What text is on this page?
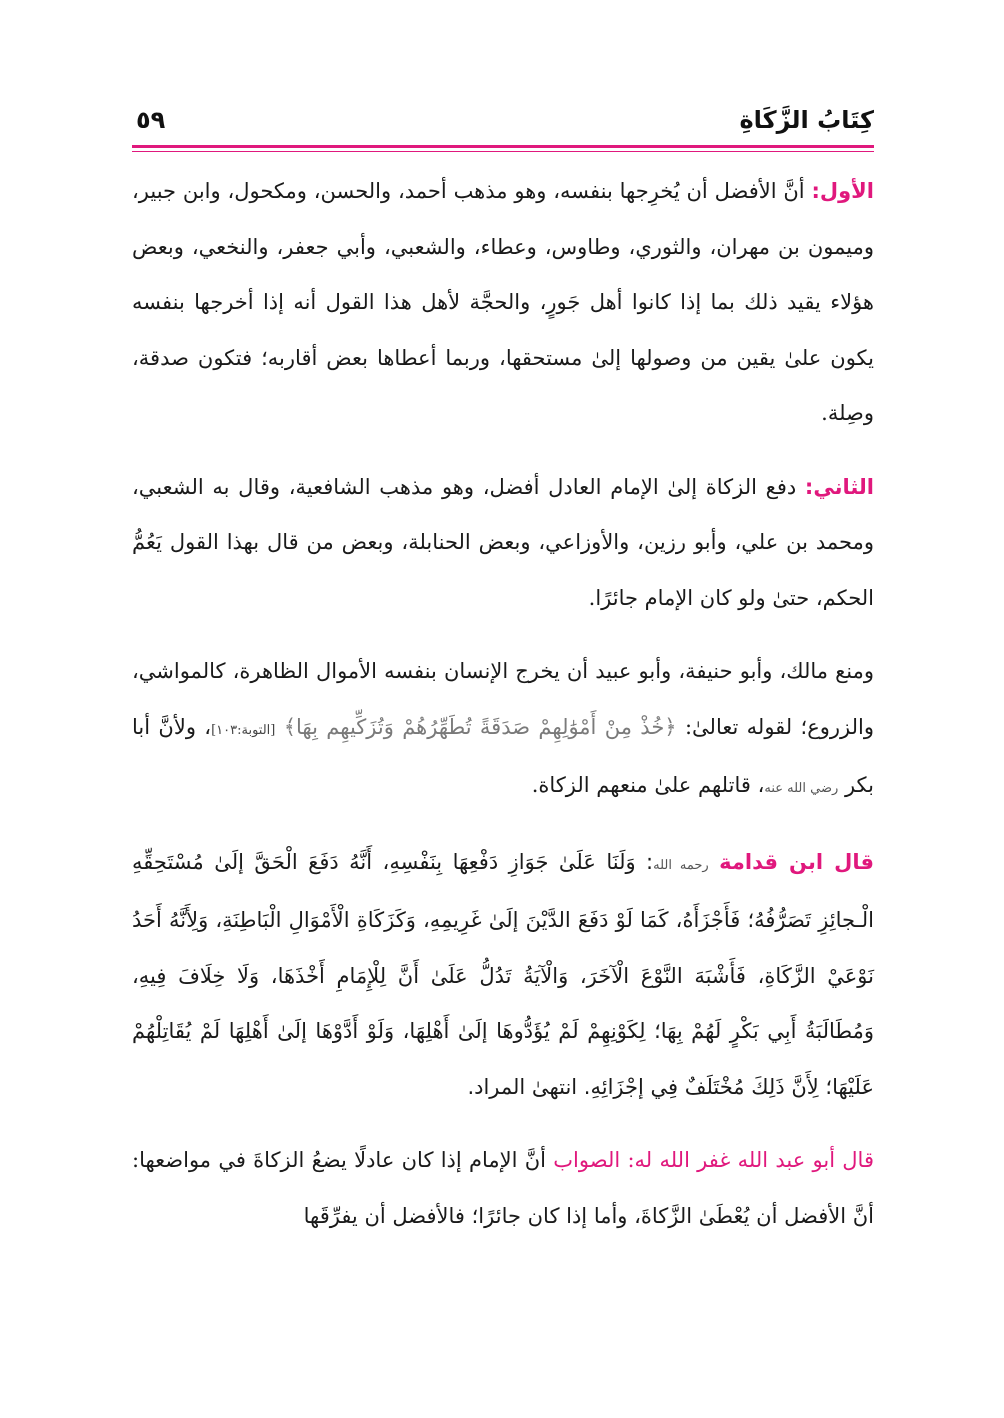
كِتَابُ الزَّكَاةِ
٥٩

الأول: أنَّ الأفضل أن يُخرِجها بنفسه، وهو مذهب أحمد، والحسن، ومكحول، وابن جبير، وميمون بن مهران، والثوري، وطاوس، وعطاء، والشعبي، وأبي جعفر، والنخعي، وبعض هؤلاء يقيد ذلك بما إذا كانوا أهل جَورٍ، والحجَّة لأهل هذا القول أنه إذا أخرجها بنفسه يكون علىٰ يقين من وصولها إلىٰ مستحقها، وربما أعطاها بعض أقاربه؛ فتكون صدقة، وصِلة.

الثاني: دفع الزكاة إلىٰ الإمام العادل أفضل، وهو مذهب الشافعية، وقال به الشعبي، ومحمد بن علي، وأبو رزين، والأوزاعي، وبعض الحنابلة، وبعض من قال بهذا القول يَعُمُّ الحكم، حتىٰ ولو كان الإمام جائرًا.

ومنع مالك، وأبو حنيفة، وأبو عبيد أن يخرج الإنسان بنفسه الأموال الظاهرة، كالمواشي، والزروع؛ لقوله تعالىٰ: ﴿خُذْ مِنْ أَمْوَٰلِهِمْ صَدَقَةً تُطَهِّرُهُمْ وَتُزَكِّيهِم بِهَا﴾ [التوبة:١٠٣]، ولأنَّ أبا بكر رضي الله عنه، قاتلهم علىٰ منعهم الزكاة.

قال ابن قدامة رحمه الله: وَلَنَا عَلَىٰ جَوَازِ دَفْعِهَا بِنَفْسِهِ، أَنَّهُ دَفَعَ الْحَقَّ إلَىٰ مُسْتَحِقِّهِ الْـجائِزِ تَصَرُّفُهُ؛ فَأَجْزَأَهُ، كَمَا لَوْ دَفَعَ الدَّيْنَ إلَىٰ غَرِيمِهِ، وَكَزَكَاةِ الْأَمْوَالِ الْبَاطِنَةِ، وَلِأَنَّهُ أَحَدُ نَوْعَيْ الزَّكَاةِ، فَأَشْبَهَ النَّوْعَ الْآخَرَ، وَالْآيَةُ تَدُلُّ عَلَىٰ أَنَّ لِلْإِمَامِ أَخْذَهَا، وَلَا خِلَافَ فِيهِ، وَمُطَالَبَةُ أَبِي بَكْرٍ لَهُمْ بِهَا؛ لِكَوْنِهِمْ لَمْ يُؤَدُّوهَا إلَىٰ أَهْلِهَا، وَلَوْ أَدَّوْهَا إلَىٰ أَهْلِهَا لَمْ يُقَاتِلْهُمْ عَلَيْهَا؛ لِأَنَّ ذَلِكَ مُخْتَلَفٌ فِي إجْزَائِهِ. انتهىٰ المراد.

قال أبو عبد الله غفر الله له: الصواب أنَّ الإمام إذا كان عادلًا يضعُ الزكاةَ في مواضعها: أنَّ الأفضل أن يُعْطَىٰ الزَّكاةَ، وأما إذا كان جائرًا؛ فالأفضل أن يفرِّقَها
